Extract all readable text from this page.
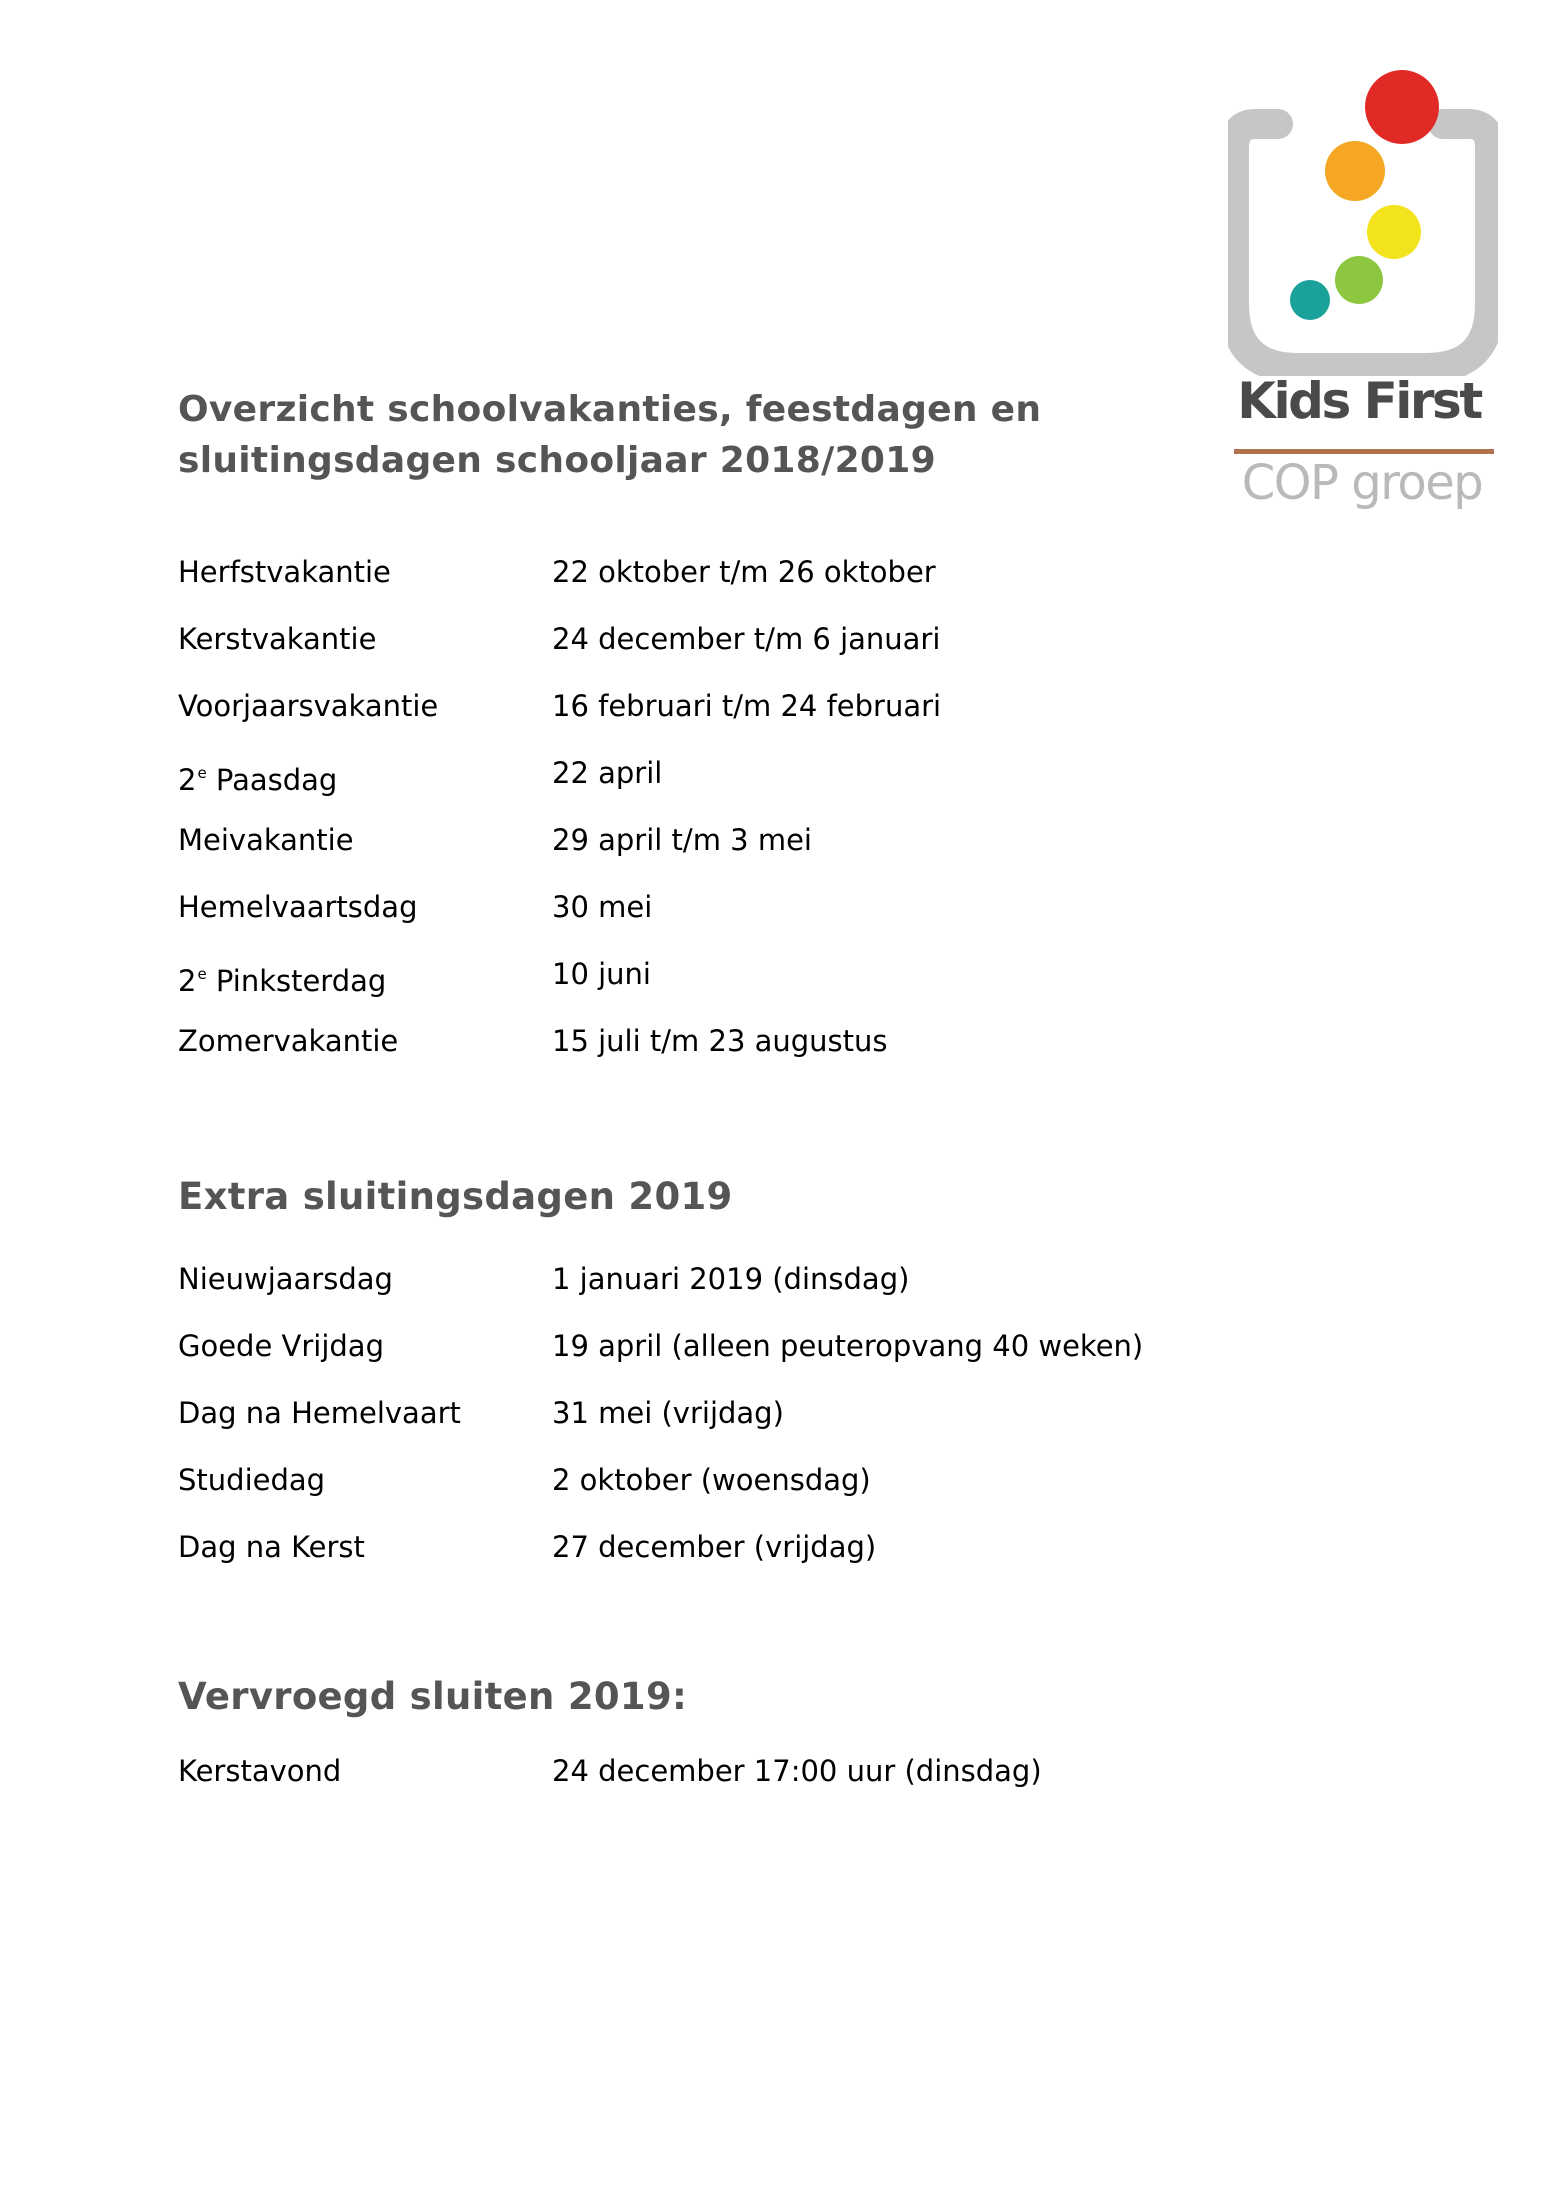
Kids First
COP groep
Overzicht schoolvakanties, feestdagen en
sluitingsdagen schooljaar 2018/2019
Herfstvakantie	22 oktober t/m 26 oktober
Kerstvakantie	24 december t/m 6 januari
Voorjaarsvakantie	16 februari t/m 24 februari
2e Paasdag	22 april
Meivakantie	29 april t/m 3 mei
Hemelvaartsdag	30 mei
2e Pinksterdag	10 juni
Zomervakantie	15 juli t/m 23 augustus
Extra sluitingsdagen 2019
Nieuwjaarsdag	1 januari 2019 (dinsdag)
Goede Vrijdag	19 april (alleen peuteropvang 40 weken)
Dag na Hemelvaart	31 mei (vrijdag)
Studiedag	2 oktober (woensdag)
Dag na Kerst	27 december (vrijdag)
Vervroegd sluiten 2019:
Kerstavond	24 december 17:00 uur (dinsdag)
